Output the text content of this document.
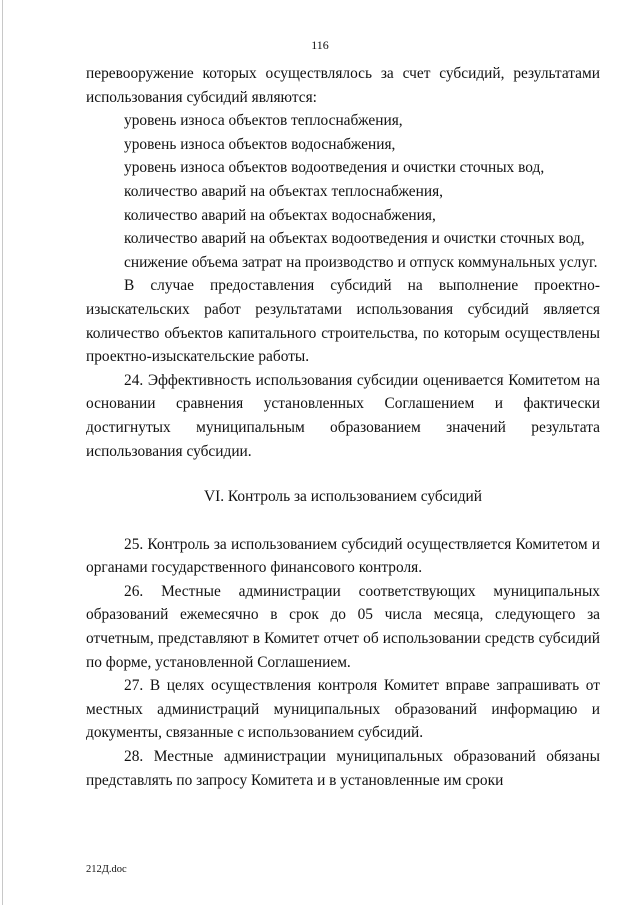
116

перевооружение которых осуществлялось за счет субсидий, результатами использования субсидий являются:

уровень износа объектов теплоснабжения,

уровень износа объектов водоснабжения,

уровень износа объектов водоотведения и очистки сточных вод,

количество аварий на объектах теплоснабжения,

количество аварий на объектах водоснабжения,

количество аварий на объектах водоотведения и очистки сточных вод,

снижение объема затрат на производство и отпуск коммунальных услуг.

В случае предоставления субсидий на выполнение проектно-изыскательских работ результатами использования субсидий является количество объектов капитального строительства, по которым осуществлены проектно-изыскательские работы.

24. Эффективность использования субсидии оценивается Комитетом на основании сравнения установленных Соглашением и фактически достигнутых муниципальным образованием значений результата использования субсидии.

VI. Контроль за использованием субсидий

25. Контроль за использованием субсидий осуществляется Комитетом и органами государственного финансового контроля.

26. Местные администрации соответствующих муниципальных образований ежемесячно в срок до 05 числа месяца, следующего за отчетным, представляют в Комитет отчет об использовании средств субсидий по форме, установленной Соглашением.

27. В целях осуществления контроля Комитет вправе запрашивать от местных администраций муниципальных образований информацию и документы, связанные с использованием субсидий.

28. Местные администрации муниципальных образований обязаны представлять по запросу Комитета и в установленные им сроки

212Д.doc
